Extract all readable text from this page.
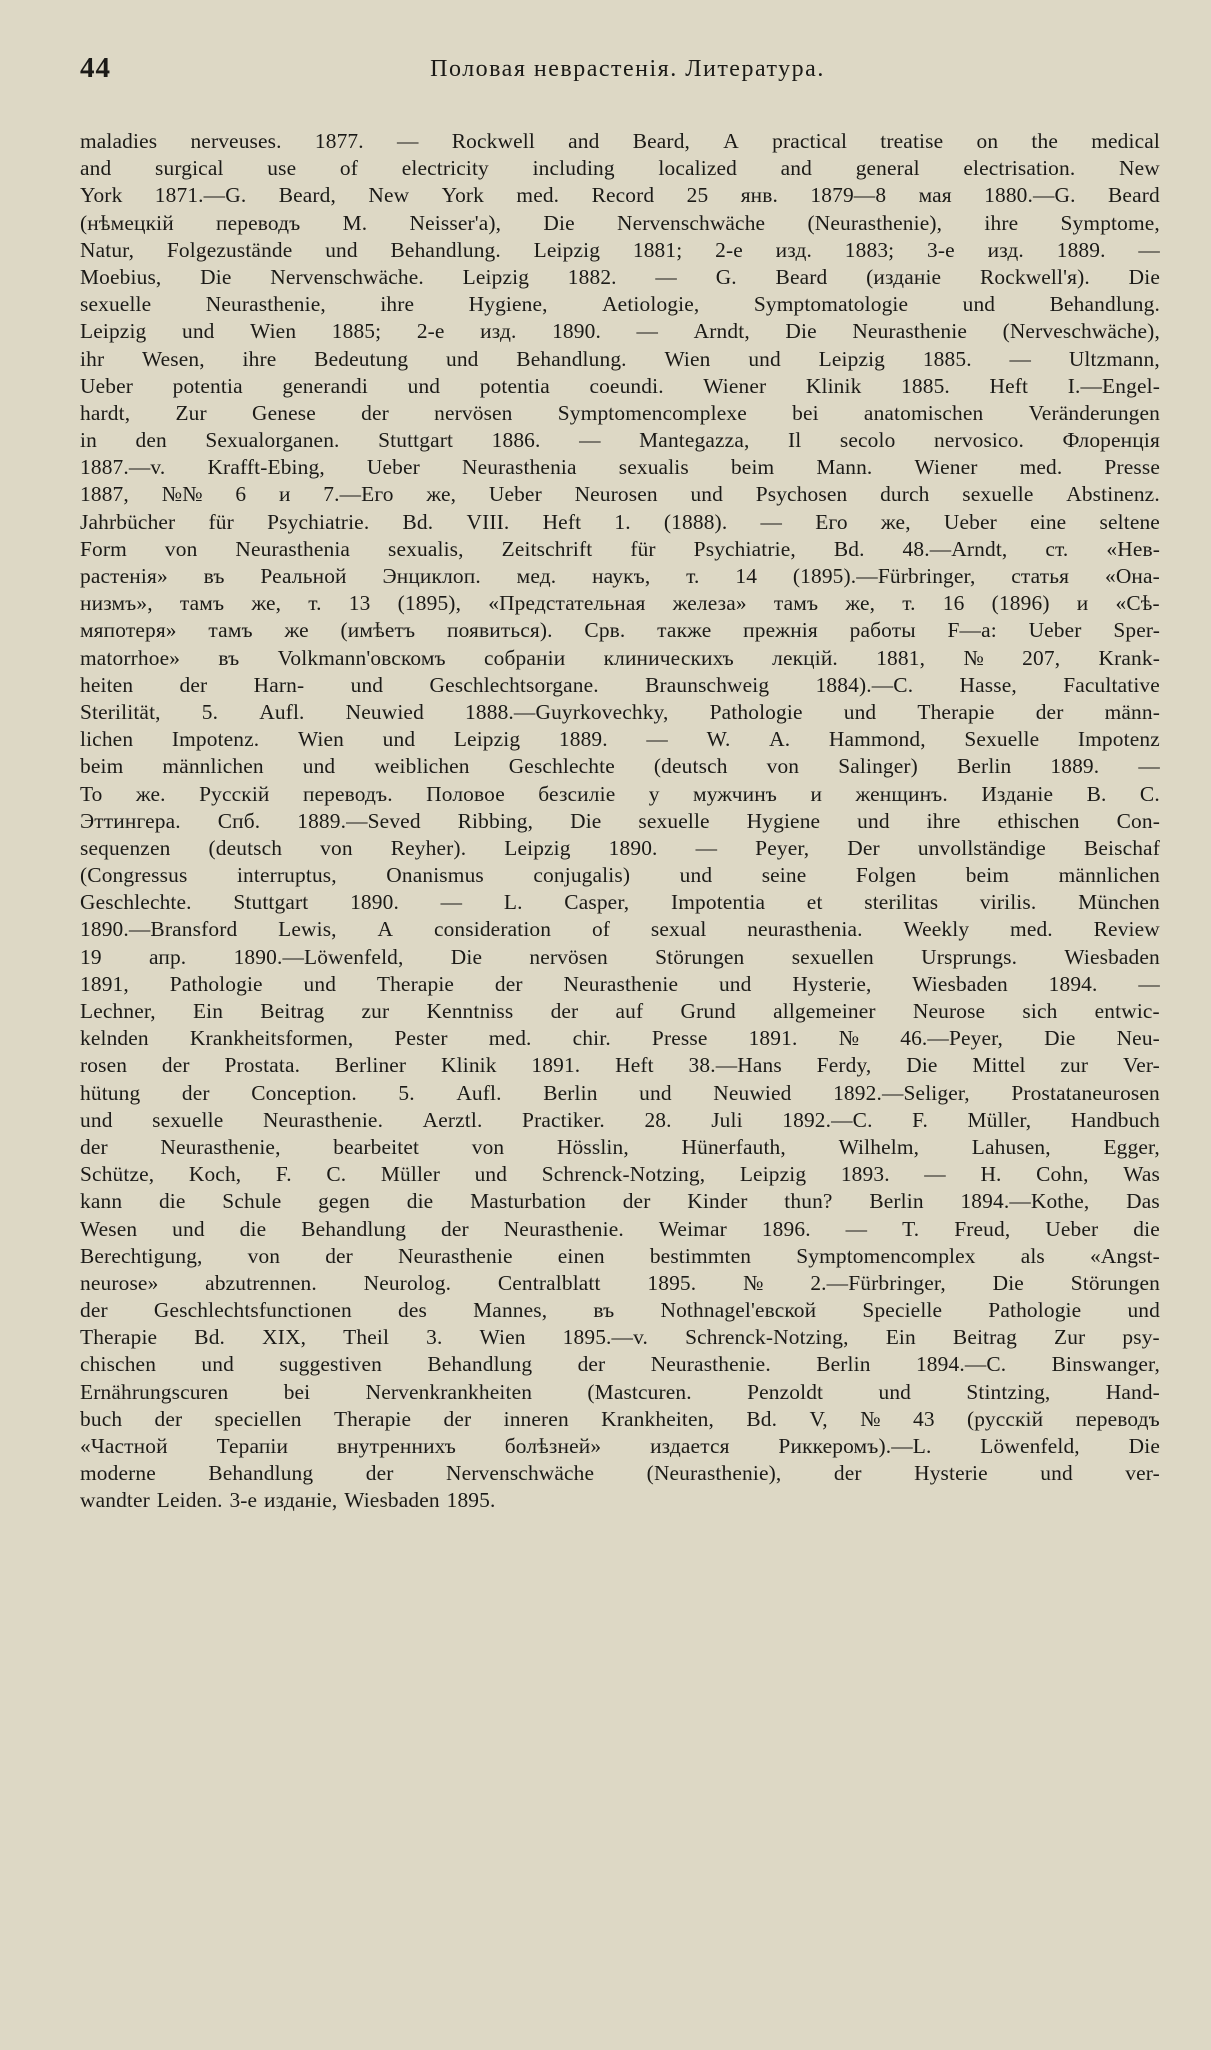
44	Половая неврастенія. Литература.
maladies nerveuses. 1877. — Rockwell and Beard, A practical treatise on the medical
and surgical use of electricity including localized and general electrisation. New
York 1871.—G. Beard, New York med. Record 25 янв. 1879—8 мая 1880.—G. Beard
(нѣмецкій переводъ M. Neisser'a), Die Nervenschwäche (Neurasthenie), ihre Symptome,
Natur, Folgezustände und Behandlung. Leipzig 1881; 2-e изд. 1883; 3-e изд. 1889. —
Moebius, Die Nervenschwäche. Leipzig 1882. — G. Beard (изданіе Rockwell'я). Die
sexuelle	Neurasthenie,	ihre	Hygiene,	Aetiologie,	Symptomatologie	und	Behandlung.
Leipzig und Wien 1885; 2-е изд. 1890. — Arndt, Die Neurasthenie (Nerveschwäche),
ihr Wesen, ihre Bedeutung und Behandlung. Wien und Leipzig 1885. — Ultzmann,
Ueber potentia generandi und potentia coeundi. Wiener Klinik 1885. Heft I.—Engel-
hardt, Zur Genese der nervösen Symptomencomplexe bei anatomischen Veränderungen
in den Sexualorganen. Stuttgart 1886. — Mantegazza, Il secolo nervosico. Флоренція
1887.—v. Krafft-Ebing, Ueber Neurasthenia sexualis beim Mann. Wiener med. Presse
1887, №№ 6 и 7.—Его же, Ueber Neurosen und Psychosen durch sexuelle Abstinenz.
Jahrbücher für Psychiatrie. Bd. VIII. Heft 1. (1888). — Его же, Ueber eine seltene
Form von Neurasthenia sexualis, Zeitschrift für Psychiatrie, Bd. 48.—Arndt, ст. «Нев-
растенія» въ Реальной Энциклоп. мед. наукъ, т. 14 (1895).—Fürbringer, статья «Она-
низмъ», тамъ же, т. 13 (1895), «Предстательная железа» тамъ же, т. 16 (1896) и «Сѣ-
мяпотеря» тамъ же (имѣетъ появиться). Срв. также прежнія работы F—a: Ueber Sper-
matorrhoe» въ Volkmann'овскомъ собраніи клиническихъ лекцій. 1881, № 207, Krank-
heiten der Harn- und Geschlechtsorgane. Braunschweig 1884).—C. Hasse, Facultative
Sterilität, 5. Aufl. Neuwied 1888.—Guyrkovechky, Pathologie und Therapie der männ-
lichen Impotenz. Wien und Leipzig 1889. — W. A. Hammond, Sexuelle Impotenz
beim männlichen und weiblichen Geschlechte (deutsch von Salinger) Berlin 1889. —
То же. Русскій переводъ. Половое безсиліе у мужчинъ и женщинъ. Изданіе В. С.
Эттингера. Спб. 1889.—Seved Ribbing, Die sexuelle Hygiene und ihre ethischen Con-
sequenzen (deutsch von Reyher). Leipzig 1890. — Peyer, Der unvollständige Beischaf
(Congressus interruptus, Onanismus conjugalis) und seine Folgen beim männlichen
Geschlechte. Stuttgart 1890. — L. Casper, Impotentia et sterilitas virilis. München
1890.—Bransford Lewis, A consideration of sexual neurasthenia. Weekly med. Review
19 апр. 1890.—Löwenfeld, Die nervösen Störungen sexuellen Ursprungs. Wiesbaden
1891, Pathologie und Therapie der Neurasthenie und Hysterie, Wiesbaden 1894. —
Lechner, Ein Beitrag zur Kenntniss der auf Grund allgemeiner Neurose sich entwic-
kelnden Krankheitsformen, Pester med. chir. Presse 1891. № 46.—Peyer, Die Neu-
rosen der Prostata. Berliner Klinik 1891. Heft 38.—Hans Ferdy, Die Mittel zur Ver-
hütung der Conception. 5. Aufl. Berlin und Neuwied 1892.—Seliger, Prostataneurosen
und sexuelle Neurasthenie. Aerztl. Practiker. 28. Juli 1892.—C. F. Müller, Handbuch
der Neurasthenie, bearbeitet von Hösslin, Hünerfauth, Wilhelm, Lahusen, Egger,
Schütze, Koch, F. C. Müller und Schrenck-Notzing, Leipzig 1893. — H. Cohn, Was
kann die Schule gegen die Masturbation der Kinder thun? Berlin 1894.—Kothe, Das
Wesen und die Behandlung der Neurasthenie. Weimar 1896. — T. Freud, Ueber die
Berechtigung, von der Neurasthenie einen bestimmten Symptomencomplex als «Angst-
neurose» abzutrennen. Neurolog. Centralblatt 1895. № 2.—Fürbringer, Die Störungen
der Geschlechtsfunctionen des Mannes, въ Nothnagel'евской Specielle Pathologie und
Therapie Bd. XIX, Theil 3. Wien 1895.—v. Schrenck-Notzing, Ein Beitrag Zur psy-
chischen und suggestiven Behandlung der Neurasthenie. Berlin 1894.—C. Binswanger,
Ernährungscuren	bei	Nervenkrankheiten	(Mastcuren.	Penzoldt	und	Stintzing,	Hand-
buch der speciellen Therapie der inneren Krankheiten, Bd. V, № 43 (русскій переводъ
«Частной Терапіи внутреннихъ болѣзней» издается Риккеромъ).—L. Löwenfeld, Die
moderne Behandlung der Nervenschwäche (Neurasthenie), der Hysterie und ver-
wandter Leiden. 3-е изданіе, Wiesbaden 1895.
